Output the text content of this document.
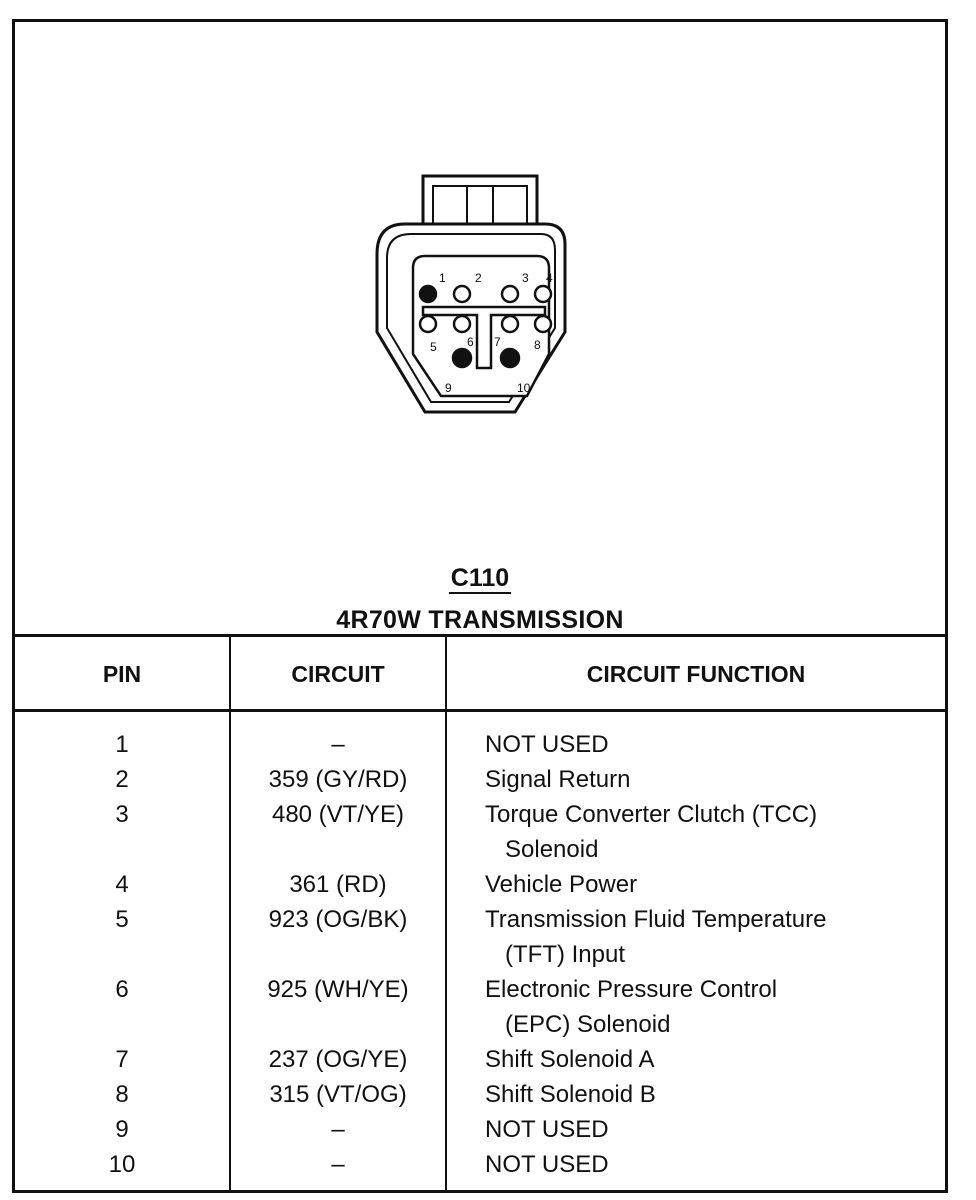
1 2	3 4
5	6 7	8
9	10
C110
4R70W TRANSMISSION
PIN	CIRCUIT	CIRCUIT FUNCTION
1	–	NOT USED
2	359 (GY/RD)	Signal Return
3	480 (VT/YE)	Torque Converter Clutch (TCC)
Solenoid
4	361 (RD)	Vehicle Power
5	923 (OG/BK)	Transmission Fluid Temperature
(TFT) Input
6	925 (WH/YE)	Electronic Pressure Control
(EPC) Solenoid
7	237 (OG/YE)	Shift Solenoid A
8	315 (VT/OG)	Shift Solenoid B
9	–	NOT USED
10	–	NOT USED
